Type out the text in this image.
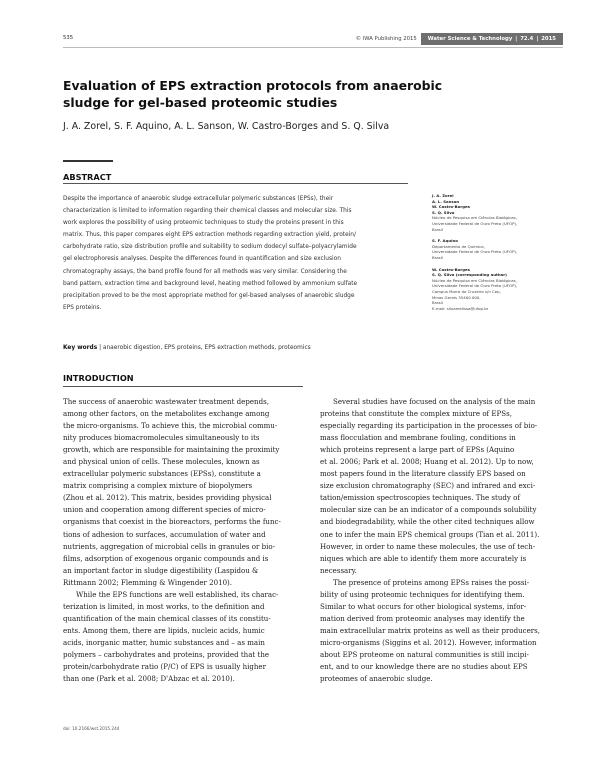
535	© IWA Publishing 2015	Water Science & Technology | 72.4 | 2015
Evaluation of EPS extraction protocols from anaerobic
sludge for gel-based proteomic studies
J. A. Zorel, S. F. Aquino, A. L. Sanson, W. Castro-Borges and S. Q. Silva
ABSTRACT

Despite the importance of anaerobic sludge extracellular polymeric substances (EPSs), their

characterization is limited to information regarding their chemical classes and molecular size. This

work explores the possibility of using proteomic techniques to study the proteins present in this

matrix. Thus, this paper compares eight EPS extraction methods regarding extraction yield, protein/

carbohydrate ratio, size distribution profile and suitability to sodium dodecyl sulfate–polyacrylamide

gel electrophoresis analyses. Despite the differences found in quantification and size exclusion

chromatography assays, the band profile found for all methods was very similar. Considering the

band pattern, extraction time and background level, heating method followed by ammonium sulfate

precipitation proved to be the most appropriate method for gel-based analyses of anaerobic sludge

EPS proteins.

Key words | anaerobic digestion, EPS proteins, EPS extraction methods, proteomics
J. A. Zorel
A. L. Sanson
W. Castro-Borges
S. Q. Silva
Núcleo de Pesquisa em Ciências Biológicas,
Universidade Federal de Ouro Preto (UFOP),
Brasil
S. F. Aquino
Departamento de Química,
Universidade Federal de Ouro Preto (UFOP),
Brasil
W. Castro-Borges
S. Q. Silva (corresponding author)
Núcleo de Pesquisa em Ciências Biológicas,
Universidade Federal de Ouro Preto (UFOP),
Campus Morro do Cruzeiro s/n Cep,
Minas Gerais 35400 000,
Brasil
E-mail: silvamelissa@ufop.br
INTRODUCTION

The success of anaerobic wastewater treatment depends,

among other factors, on the metabolites exchange among

the micro-organisms. To achieve this, the microbial commu-

nity produces biomacromolecules simultaneously to its

growth, which are responsible for maintaining the proximity

and physical union of cells. These molecules, known as

extracellular polymeric substances (EPSs), constitute a

matrix comprising a complex mixture of biopolymers

(Zhou et al. 2012). This matrix, besides providing physical

union and cooperation among different species of micro-

organisms that coexist in the bioreactors, performs the func-

tions of adhesion to surfaces, accumulation of water and

nutrients, aggregation of microbial cells in granules or bio-

films, adsorption of exogenous organic compounds and is

an important factor in sludge digestibility (Laspidou &

Rittmann 2002; Flemming & Wingender 2010).

While the EPS functions are well established, its charac-

terization is limited, in most works, to the definition and

quantification of the main chemical classes of its constitu-

ents. Among them, there are lipids, nucleic acids, humic

acids, inorganic matter, humic substances and – as main

polymers – carbohydrates and proteins, provided that the

protein/carbohydrate ratio (P/C) of EPS is usually higher

than one (Park et al. 2008; D'Abzac et al. 2010).

Several studies have focused on the analysis of the main

proteins that constitute the complex mixture of EPSs,

especially regarding its participation in the processes of bio-

mass flocculation and membrane fouling, conditions in

which proteins represent a large part of EPSs (Aquino

et al. 2006; Park et al. 2008; Huang et al. 2012). Up to now,

most papers found in the literature classify EPS based on

size exclusion chromatography (SEC) and infrared and exci-

tation/emission spectroscopies techniques. The study of

molecular size can be an indicator of a compounds solubility

and biodegradability, while the other cited techniques allow

one to infer the main EPS chemical groups (Tian et al. 2011).

However, in order to name these molecules, the use of tech-

niques which are able to identify them more accurately is

necessary.

The presence of proteins among EPSs raises the possi-

bility of using proteomic techniques for identifying them.

Similar to what occurs for other biological systems, infor-

mation derived from proteomic analyses may identify the

main extracellular matrix proteins as well as their producers,

micro-organisms (Siggins et al. 2012). However, information

about EPS proteome on natural communities is still incipi-

ent, and to our knowledge there are no studies about EPS

proteomes of anaerobic sludge.

doi: 10.2166/wst.2015.244
